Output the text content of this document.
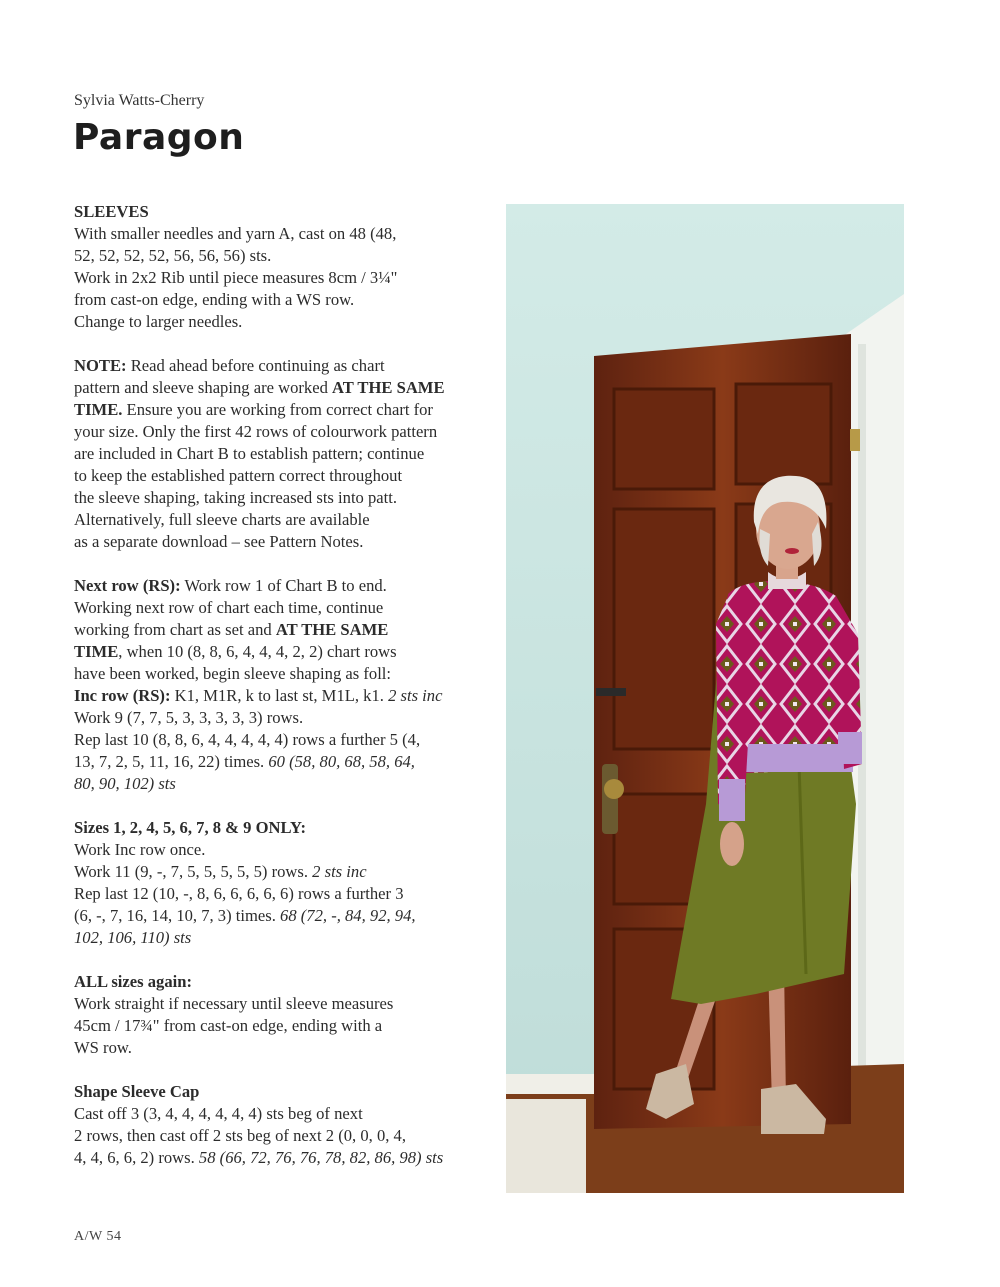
Sylvia Watts-Cherry
Paragon
SLEEVES
With smaller needles and yarn A, cast on 48 (48,
52, 52, 52, 52, 56, 56, 56) sts.
Work in 2x2 Rib until piece measures 8cm / 3¼"
from cast-on edge, ending with a WS row.
Change to larger needles.
NOTE: Read ahead before continuing as chart
pattern and sleeve shaping are worked AT THE SAME
TIME. Ensure you are working from correct chart for
your size. Only the first 42 rows of colourwork pattern
are included in Chart B to establish pattern; continue
to keep the established pattern correct throughout
the sleeve shaping, taking increased sts into patt.
Alternatively, full sleeve charts are available
as a separate download – see Pattern Notes.
Next row (RS): Work row 1 of Chart B to end.
Working next row of chart each time, continue
working from chart as set and AT THE SAME
TIME, when 10 (8, 8, 6, 4, 4, 4, 2, 2) chart rows
have been worked, begin sleeve shaping as foll:
Inc row (RS): K1, M1R, k to last st, M1L, k1. 2 sts inc
Work 9 (7, 7, 5, 3, 3, 3, 3, 3) rows.
Rep last 10 (8, 8, 6, 4, 4, 4, 4, 4) rows a further 5 (4,
13, 7, 2, 5, 11, 16, 22) times. 60 (58, 80, 68, 58, 64,
80, 90, 102) sts
Sizes 1, 2, 4, 5, 6, 7, 8 & 9 ONLY:
Work Inc row once.
Work 11 (9, -, 7, 5, 5, 5, 5, 5) rows. 2 sts inc
Rep last 12 (10, -, 8, 6, 6, 6, 6, 6) rows a further 3
(6, -, 7, 16, 14, 10, 7, 3) times. 68 (72, -, 84, 92, 94,
102, 106, 110) sts
ALL sizes again:
Work straight if necessary until sleeve measures
45cm / 17¾" from cast-on edge, ending with a
WS row.
Shape Sleeve Cap
Cast off 3 (3, 4, 4, 4, 4, 4, 4) sts beg of next
2 rows, then cast off 2 sts beg of next 2 (0, 0, 0, 4,
4, 4, 6, 6, 2) rows. 58 (66, 72, 76, 76, 78, 82, 86, 98) sts
A/W 54
